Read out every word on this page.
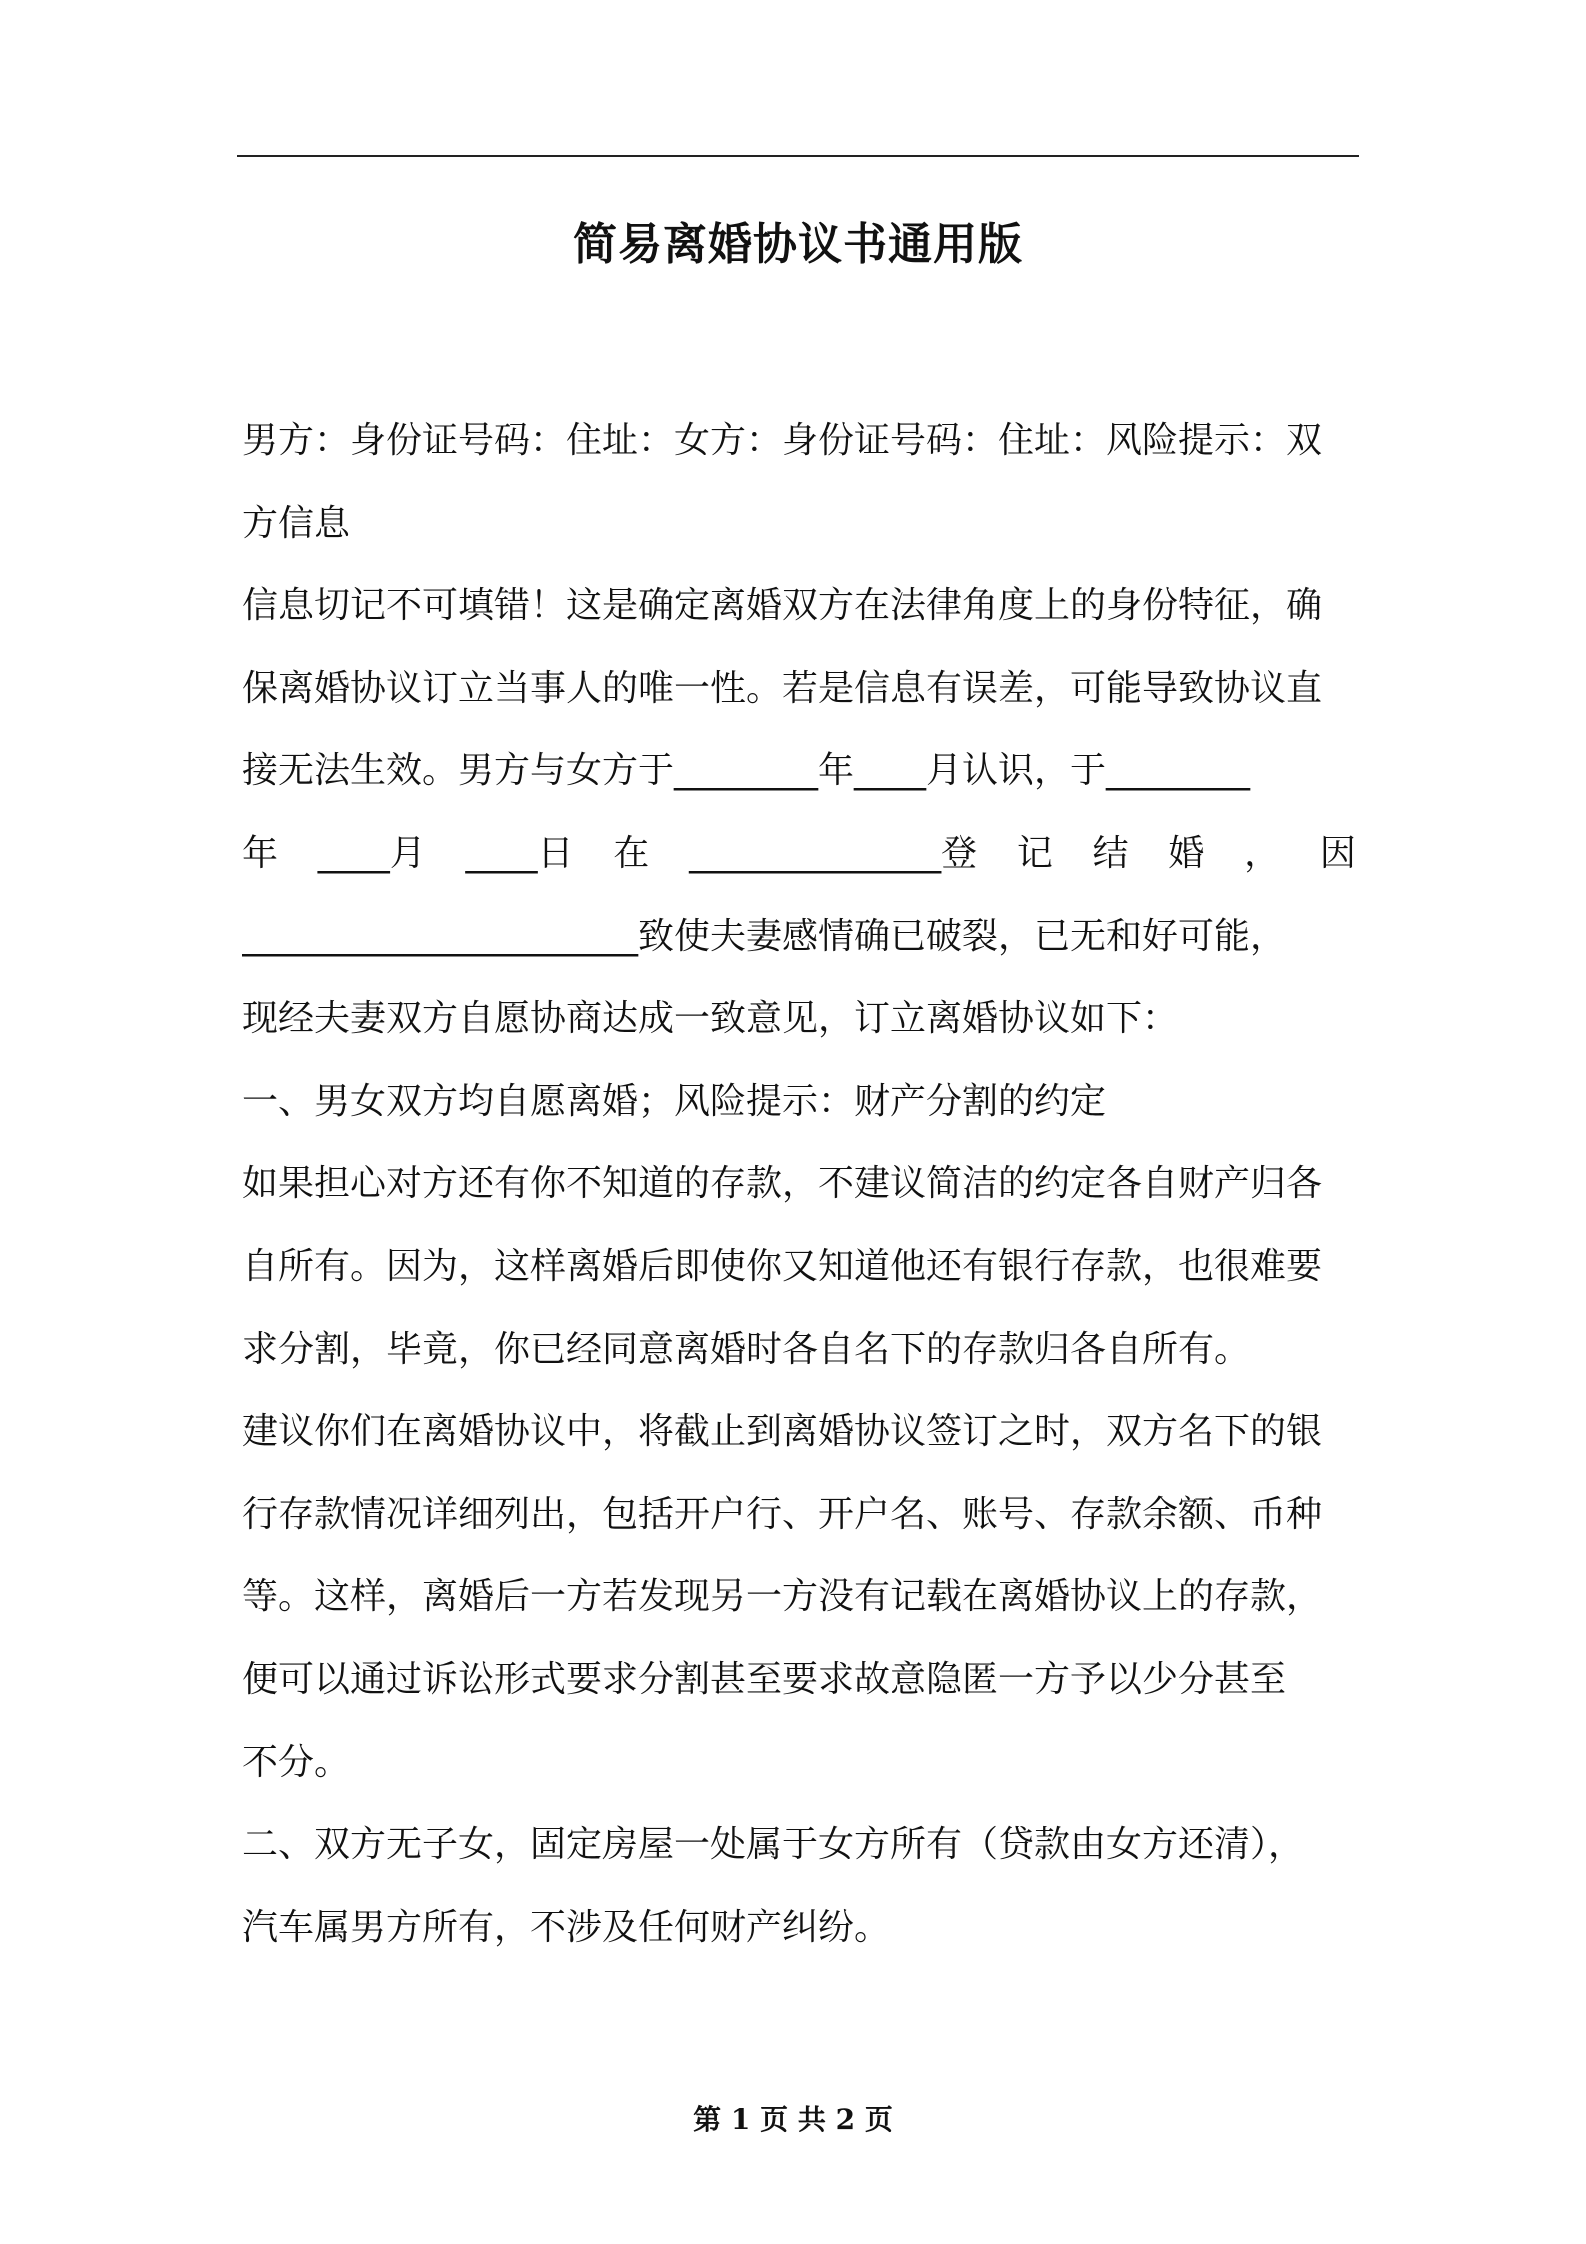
简易离婚协议书通用版
男方：身份证号码：住址：女方：身份证号码：住址：风险提示：双
方信息
信息切记不可填错！这是确定离婚双方在法律角度上的身份特征，确
保离婚协议订立当事人的唯一性。若是信息有误差，可能导致协议直
接无法生效。男方与女方于________年____月认识，于________
年 ____月 ____日 在 ______________登 记 结 婚 ， 因
______________________致使夫妻感情确已破裂，已无和好可能，
现经夫妻双方自愿协商达成一致意见，订立离婚协议如下：
一、男女双方均自愿离婚；风险提示：财产分割的约定
如果担心对方还有你不知道的存款，不建议简洁的约定各自财产归各
自所有。因为，这样离婚后即使你又知道他还有银行存款，也很难要
求分割，毕竟，你已经同意离婚时各自名下的存款归各自所有。
建议你们在离婚协议中，将截止到离婚协议签订之时，双方名下的银
行存款情况详细列出，包括开户行、开户名、账号、存款余额、币种
等。这样，离婚后一方若发现另一方没有记载在离婚协议上的存款，
便可以通过诉讼形式要求分割甚至要求故意隐匿一方予以少分甚至
不分。
二、双方无子女，固定房屋一处属于女方所有（贷款由女方还清），
汽车属男方所有，不涉及任何财产纠纷。
第 1 页 共 2 页
